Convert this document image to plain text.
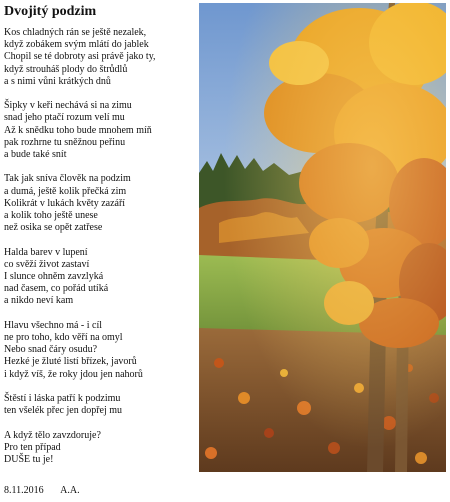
Dvojitý podzim
Kos chladných rán se ještě nezalek,
když zobákem svým mlátí do jablek
Chopil se té dobroty asi právě jako ty,
když strouháš plody do štrůdlů
a s nimi vůni krátkých dnů
Šipky v keři nechává si na zimu
snad jeho ptačí rozum velí mu
Až k snědku toho bude mnohem míň
pak rozhrne tu sněžnou peřinu
a bude také snít
Tak jak sníva člověk na podzim
a dumá, ještě kolik přečká zim
Kolikrát v lukách květy zazáří
a kolik toho ještě unese
než osika se opět zatřese
Halda barev v lupení
co svěží život zastaví
I slunce ohněm zavzlyká
nad časem, co pořád utíká
a nikdo neví kam
Hlavu všechno má - i cíl
ne pro toho, kdo věří na omyl
Nebo snad čáry osudu?
Hezké je žluté listí břízek, javorů
i když víš, že roky jdou jen nahorů
Štěstí i láska patří k podzimu
ten všelék přec jen dopřej mu
A když tělo zavzdoruje?
Pro ten případ
DUŠE tu je!
8.11.2016 A.A.
